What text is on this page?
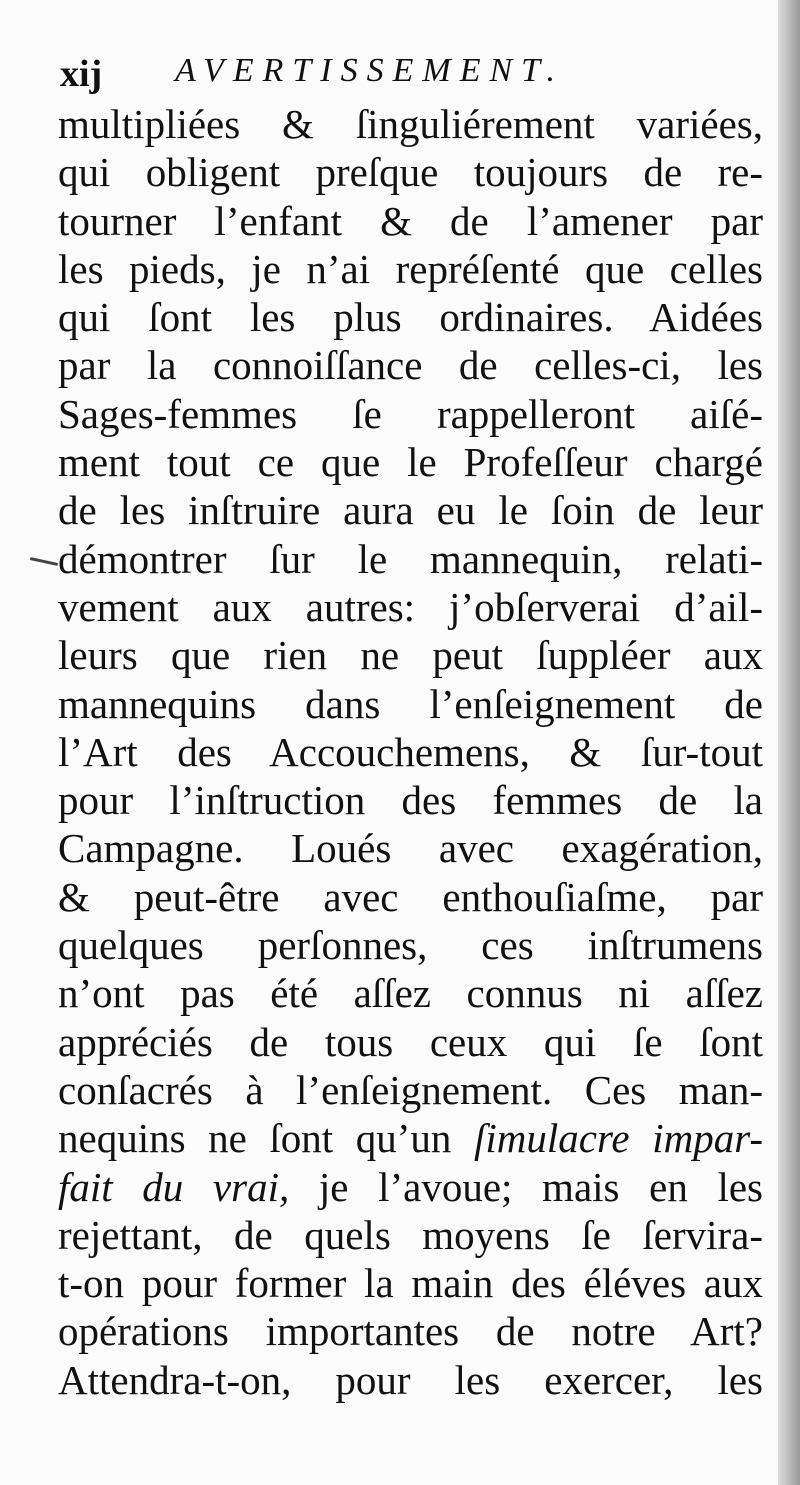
xij AVERTISSEMENT.
multipliées & ſinguliérement variées,
qui obligent preſque toujours de re-
tourner l’enfant & de l’amener par
les pieds, je n’ai repréſenté que celles
qui ſont les plus ordinaires. Aidées
par la connoiſſance de celles-ci, les
Sages-femmes ſe rappelleront aiſé-
ment tout ce que le Profeſſeur chargé
de les inſtruire aura eu le ſoin de leur
démontrer ſur le mannequin, relati-
vement aux autres: j’obſerverai d’ail-
leurs que rien ne peut ſuppléer aux
mannequins dans l’enſeignement de
l’Art des Accouchemens, & ſur-tout
pour l’inſtruction des femmes de la
Campagne. Loués avec exagération,
& peut-être avec enthouſiaſme, par
quelques perſonnes, ces inſtrumens
n’ont pas été aſſez connus ni aſſez
appréciés de tous ceux qui ſe ſont
conſacrés à l’enſeignement. Ces man-
nequins ne ſont qu’un ſimulacre impar-
fait du vrai, je l’avoue; mais en les
rejettant, de quels moyens ſe ſervira-
t-on pour former la main des éléves aux
opérations importantes de notre Art?
Attendra-t-on, pour les exercer, les
